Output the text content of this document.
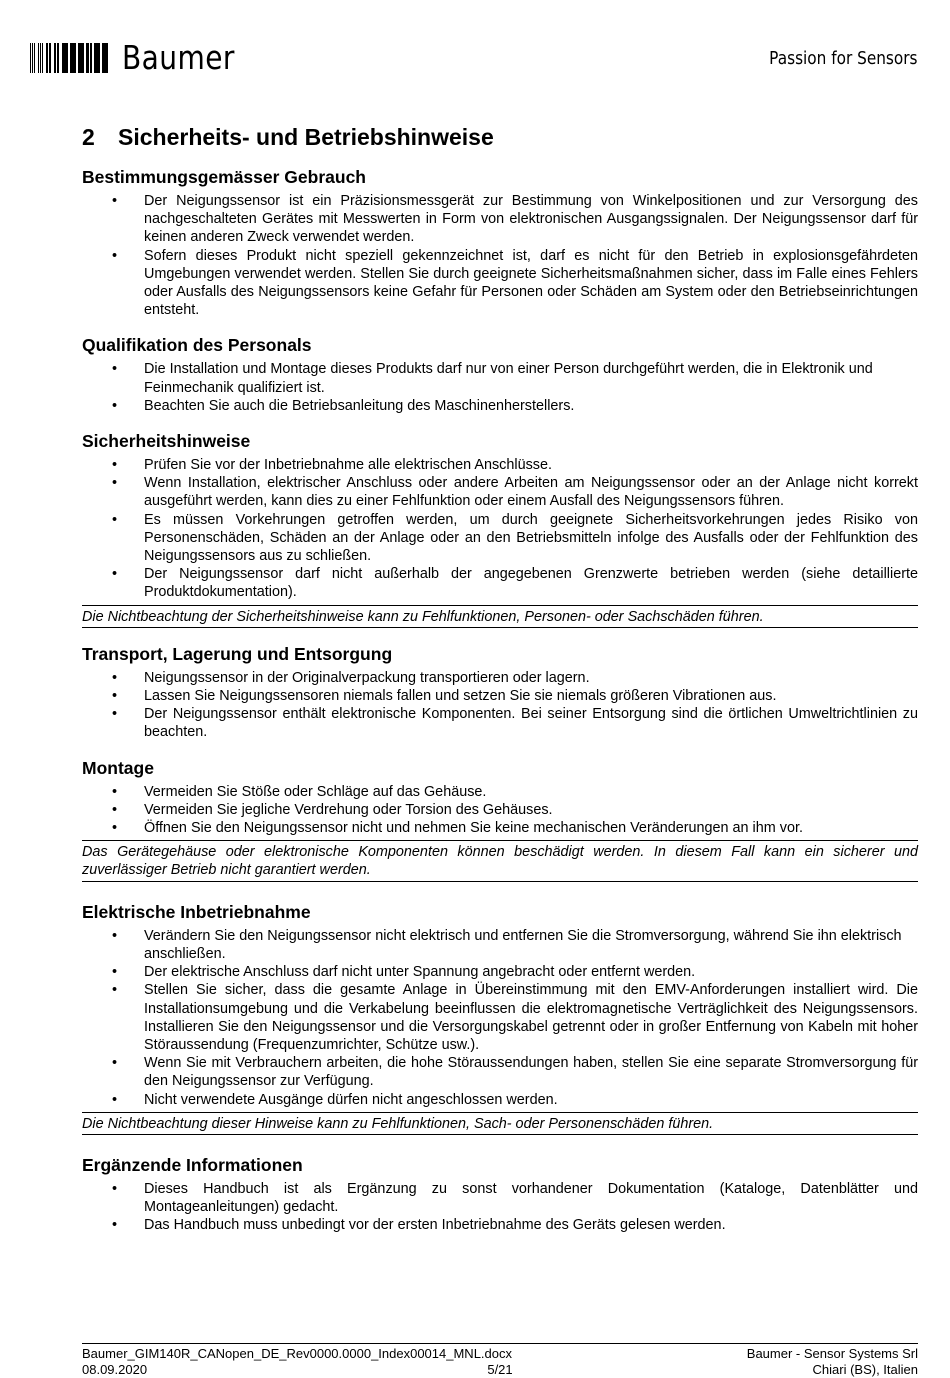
Baumer	Passion for Sensors
2 Sicherheits- und Betriebshinweise
Bestimmungsgemässer Gebrauch
• Der Neigungssensor ist ein Präzisionsmessgerät zur Bestimmung von Winkelpositionen und zur Versorgung des nachgeschalteten Gerätes mit Messwerten in Form von elektronischen Ausgangssignalen. Der Neigungssensor darf für keinen anderen Zweck verwendet werden.
• Sofern dieses Produkt nicht speziell gekennzeichnet ist, darf es nicht für den Betrieb in explosionsgefährdeten Umgebungen verwendet werden. Stellen Sie durch geeignete Sicherheitsmaßnahmen sicher, dass im Falle eines Fehlers oder Ausfalls des Neigungssensors keine Gefahr für Personen oder Schäden am System oder den Betriebseinrichtungen entsteht.
Qualifikation des Personals
• Die Installation und Montage dieses Produkts darf nur von einer Person durchgeführt werden, die in Elektronik und Feinmechanik qualifiziert ist.
• Beachten Sie auch die Betriebsanleitung des Maschinenherstellers.
Sicherheitshinweise
• Prüfen Sie vor der Inbetriebnahme alle elektrischen Anschlüsse.
• Wenn Installation, elektrischer Anschluss oder andere Arbeiten am Neigungssensor oder an der Anlage nicht korrekt ausgeführt werden, kann dies zu einer Fehlfunktion oder einem Ausfall des Neigungssensors führen.
• Es müssen Vorkehrungen getroffen werden, um durch geeignete Sicherheitsvorkehrungen jedes Risiko von Personenschäden, Schäden an der Anlage oder an den Betriebsmitteln infolge des Ausfalls oder der Fehlfunktion des Neigungssensors aus zu schließen.
• Der Neigungssensor darf nicht außerhalb der angegebenen Grenzwerte betrieben werden (siehe detaillierte Produktdokumentation).
Die Nichtbeachtung der Sicherheitshinweise kann zu Fehlfunktionen, Personen- oder Sachschäden führen.
Transport, Lagerung und Entsorgung
• Neigungssensor in der Originalverpackung transportieren oder lagern.
• Lassen Sie Neigungssensoren niemals fallen und setzen Sie sie niemals größeren Vibrationen aus.
• Der Neigungssensor enthält elektronische Komponenten. Bei seiner Entsorgung sind die örtlichen Umweltrichtlinien zu beachten.
Montage
• Vermeiden Sie Stöße oder Schläge auf das Gehäuse.
• Vermeiden Sie jegliche Verdrehung oder Torsion des Gehäuses.
• Öffnen Sie den Neigungssensor nicht und nehmen Sie keine mechanischen Veränderungen an ihm vor.
Das Gerätegehäuse oder elektronische Komponenten können beschädigt werden. In diesem Fall kann ein sicherer und zuverlässiger Betrieb nicht garantiert werden.
Elektrische Inbetriebnahme
• Verändern Sie den Neigungssensor nicht elektrisch und entfernen Sie die Stromversorgung, während Sie ihn elektrisch anschließen.
• Der elektrische Anschluss darf nicht unter Spannung angebracht oder entfernt werden.
• Stellen Sie sicher, dass die gesamte Anlage in Übereinstimmung mit den EMV-Anforderungen installiert wird. Die Installationsumgebung und die Verkabelung beeinflussen die elektromagnetische Verträglichkeit des Neigungssensors. Installieren Sie den Neigungssensor und die Versorgungskabel getrennt oder in großer Entfernung von Kabeln mit hoher Störaussendung (Frequenzumrichter, Schütze usw.).
• Wenn Sie mit Verbrauchern arbeiten, die hohe Störaussendungen haben, stellen Sie eine separate Stromversorgung für den Neigungssensor zur Verfügung.
• Nicht verwendete Ausgänge dürfen nicht angeschlossen werden.
Die Nichtbeachtung dieser Hinweise kann zu Fehlfunktionen, Sach- oder Personenschäden führen.
Ergänzende Informationen
• Dieses Handbuch ist als Ergänzung zu sonst vorhandener Dokumentation (Kataloge, Datenblätter und Montageanleitungen) gedacht.
• Das Handbuch muss unbedingt vor der ersten Inbetriebnahme des Geräts gelesen werden.
Baumer_GIM140R_CANopen_DE_Rev0000.0000_Index00014_MNL.docx	Baumer - Sensor Systems Srl
08.09.2020	5/21	Chiari (BS), Italien
